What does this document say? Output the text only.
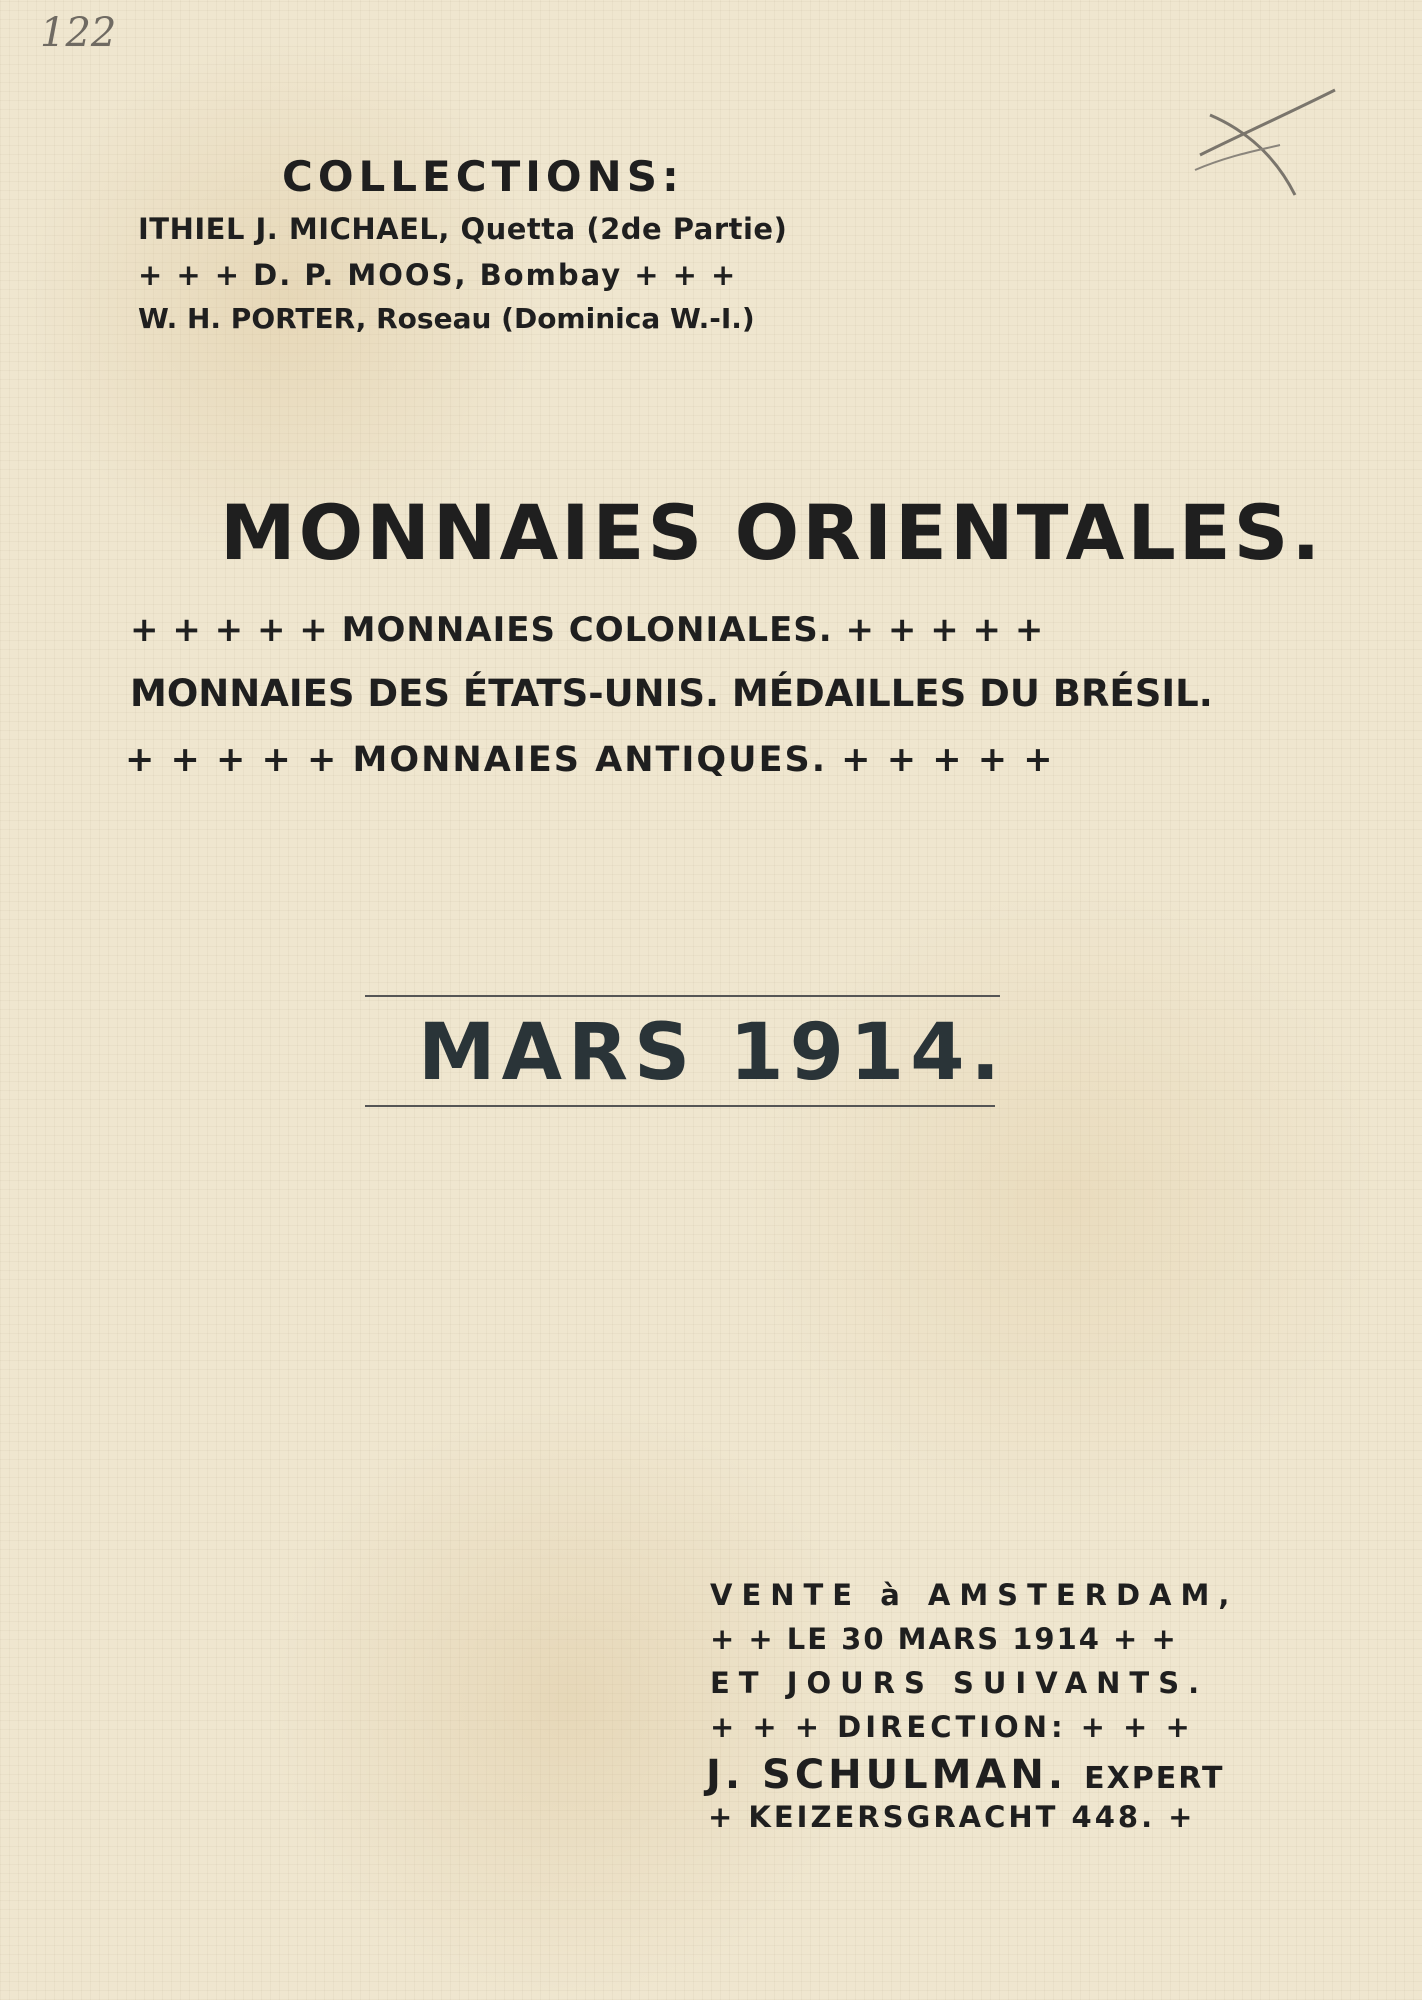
122
COLLECTIONS:
ITHIEL J. MICHAEL, Quetta (2de Partie)
+ + + D. P. MOOS, Bombay + + +
W. H. PORTER, Roseau (Dominica W.-I.)
MONNAIES ORIENTALES.
+ + + + + MONNAIES COLONIALES. + + + + +
MONNAIES DES ÉTATS-UNIS. MÉDAILLES DU BRÉSIL.
+ + + + + MONNAIES ANTIQUES. + + + + +
MARS 1914.
VENTE à AMSTERDAM,
+ + LE 30 MARS 1914 + +
ET JOURS SUIVANTS.
+ + + DIRECTION: + + +
J. SCHULMAN. EXPERT
+ KEIZERSGRACHT 448. +
